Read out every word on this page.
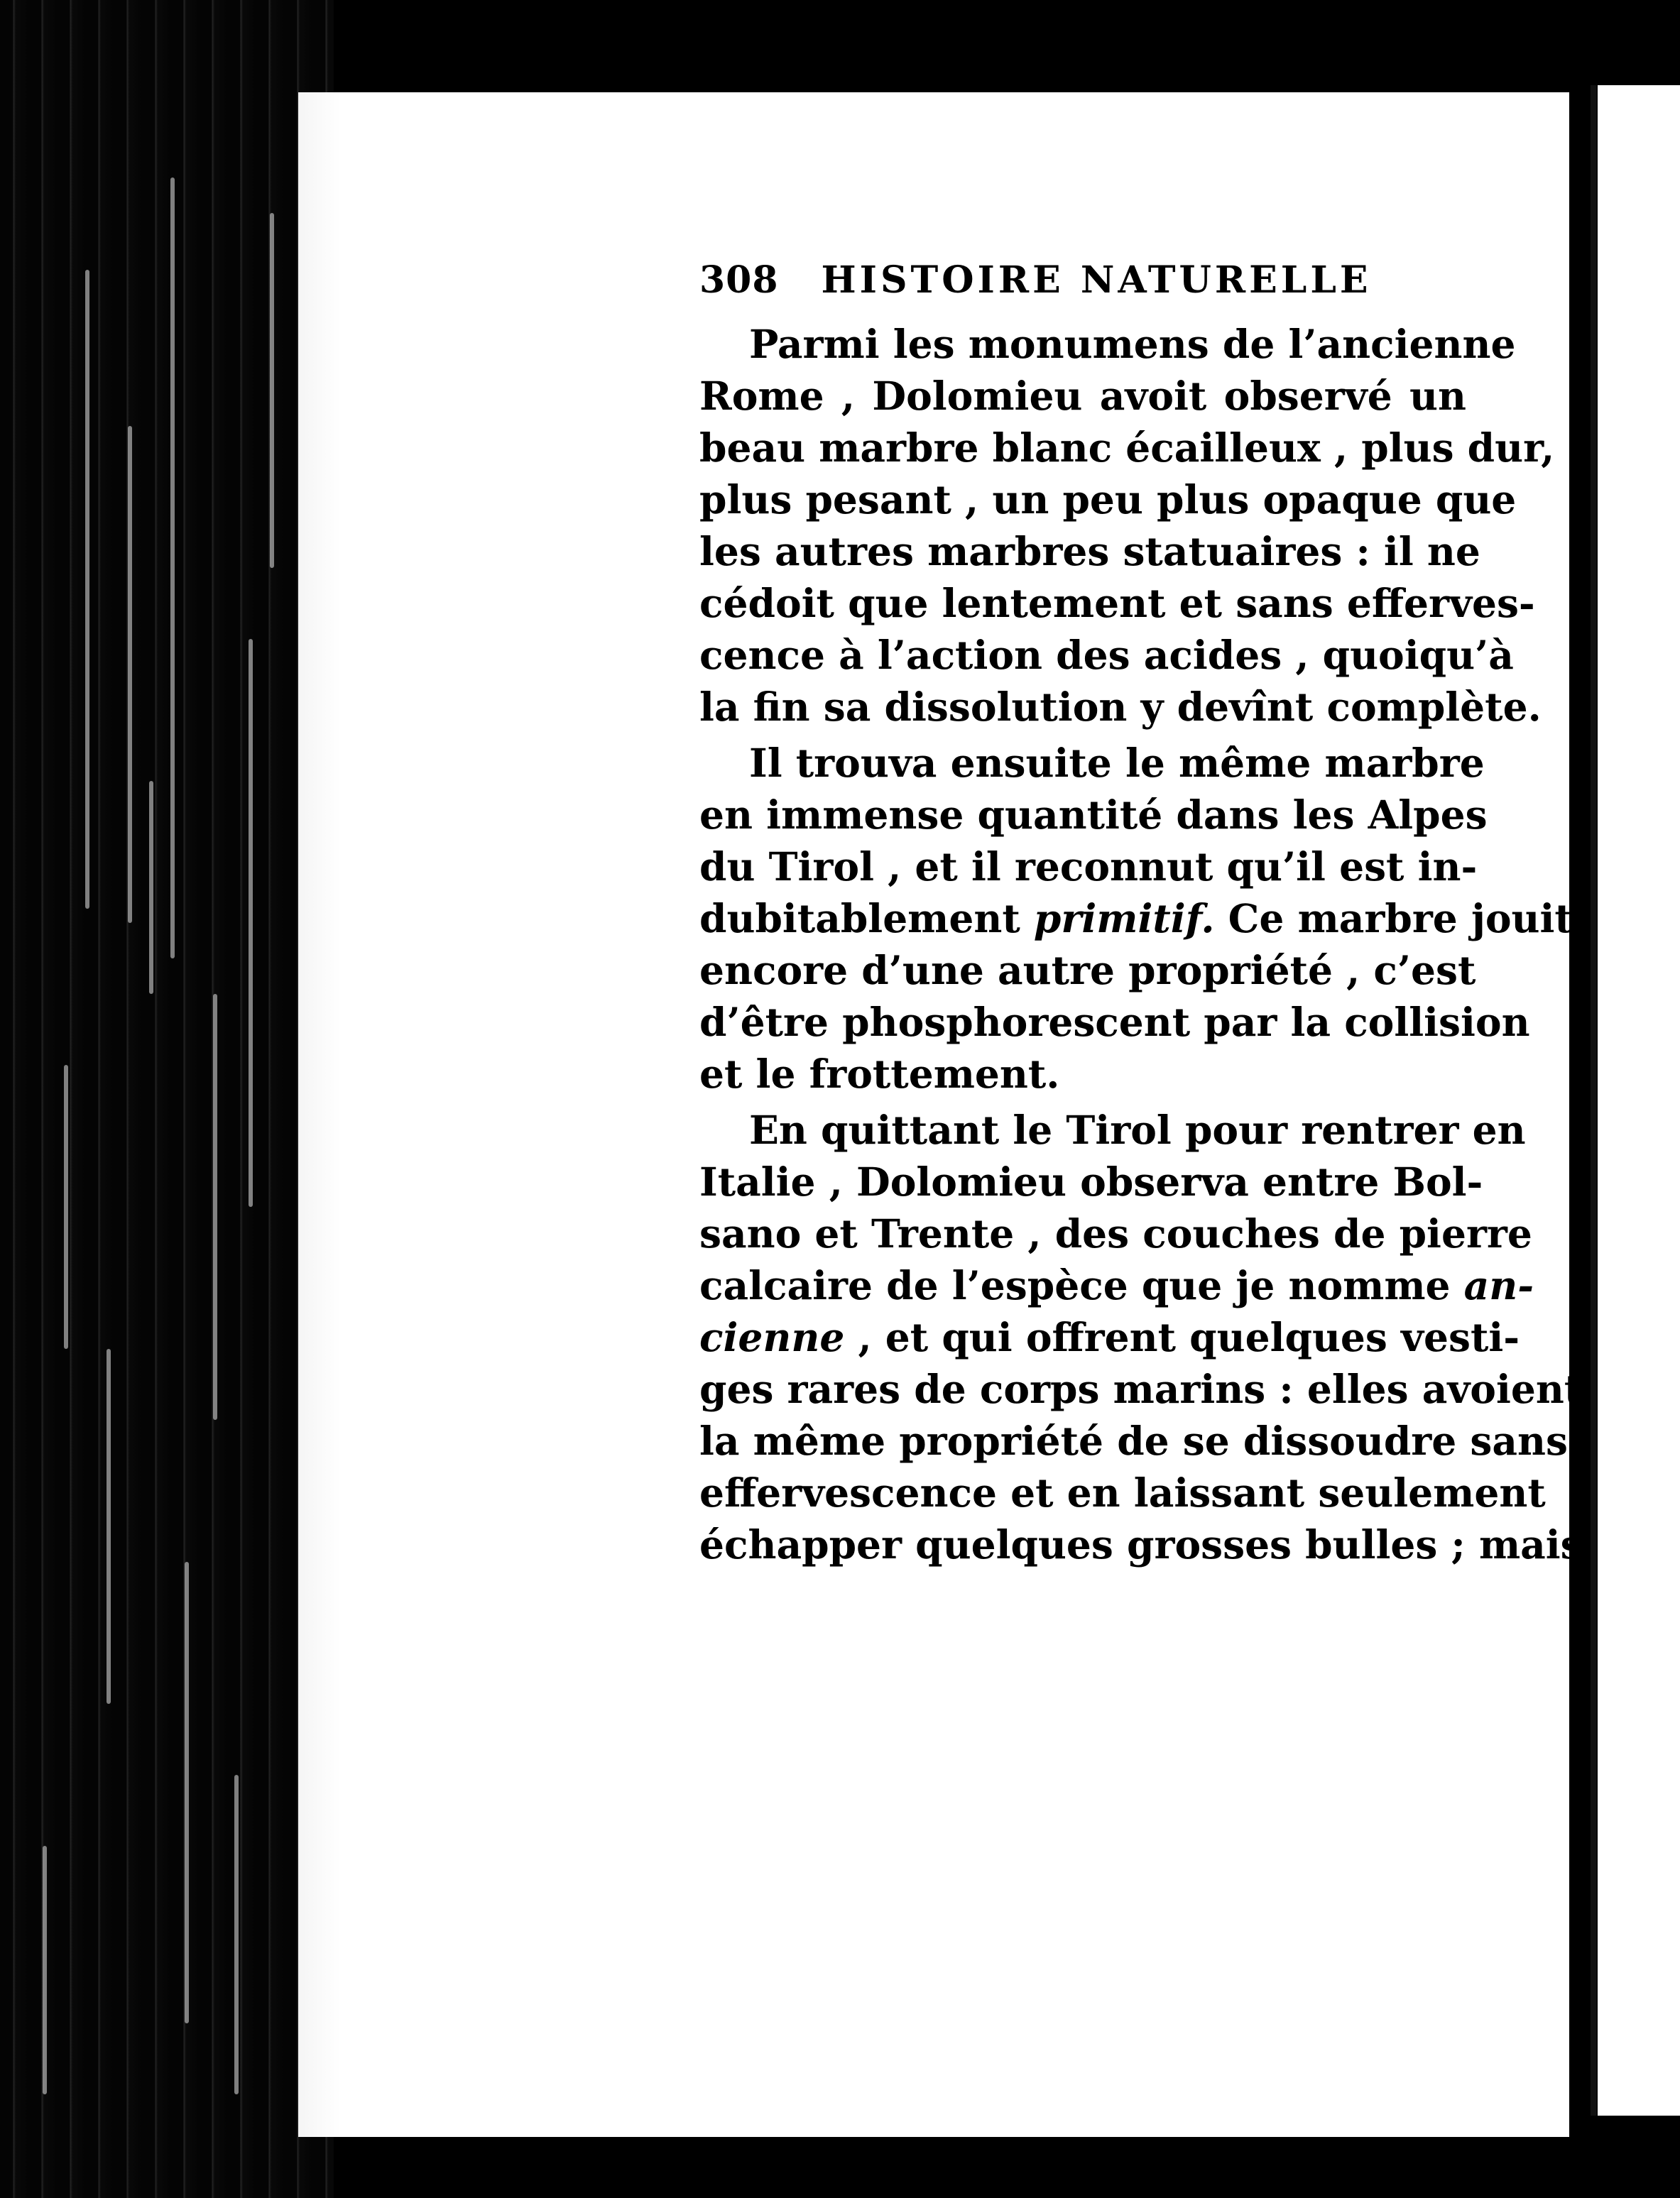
308 HISTOIRE NATURELLE
Parmi les monumens de l’ancienne
Rome , Dolomieu avoit observé un
beau marbre blanc écailleux , plus dur,
plus pesant , un peu plus opaque que
les autres marbres statuaires : il ne
cédoit que lentement et sans efferves-
cence à l’action des acides , quoiqu’à
la fin sa dissolution y devînt complète.
Il trouva ensuite le même marbre
en immense quantité dans les Alpes
du Tirol , et il reconnut qu’il est in-
dubitablement primitif. Ce marbre jouit
encore d’une autre propriété , c’est
d’être phosphorescent par la collision
et le frottement.
En quittant le Tirol pour rentrer en
Italie , Dolomieu observa entre Bol-
sano et Trente , des couches de pierre
calcaire de l’espèce que je nomme an-
cienne , et qui offrent quelques vesti-
ges rares de corps marins : elles avoient
la même propriété de se dissoudre sans
effervescence et en laissant seulement
échapper quelques grosses bulles ; mais
